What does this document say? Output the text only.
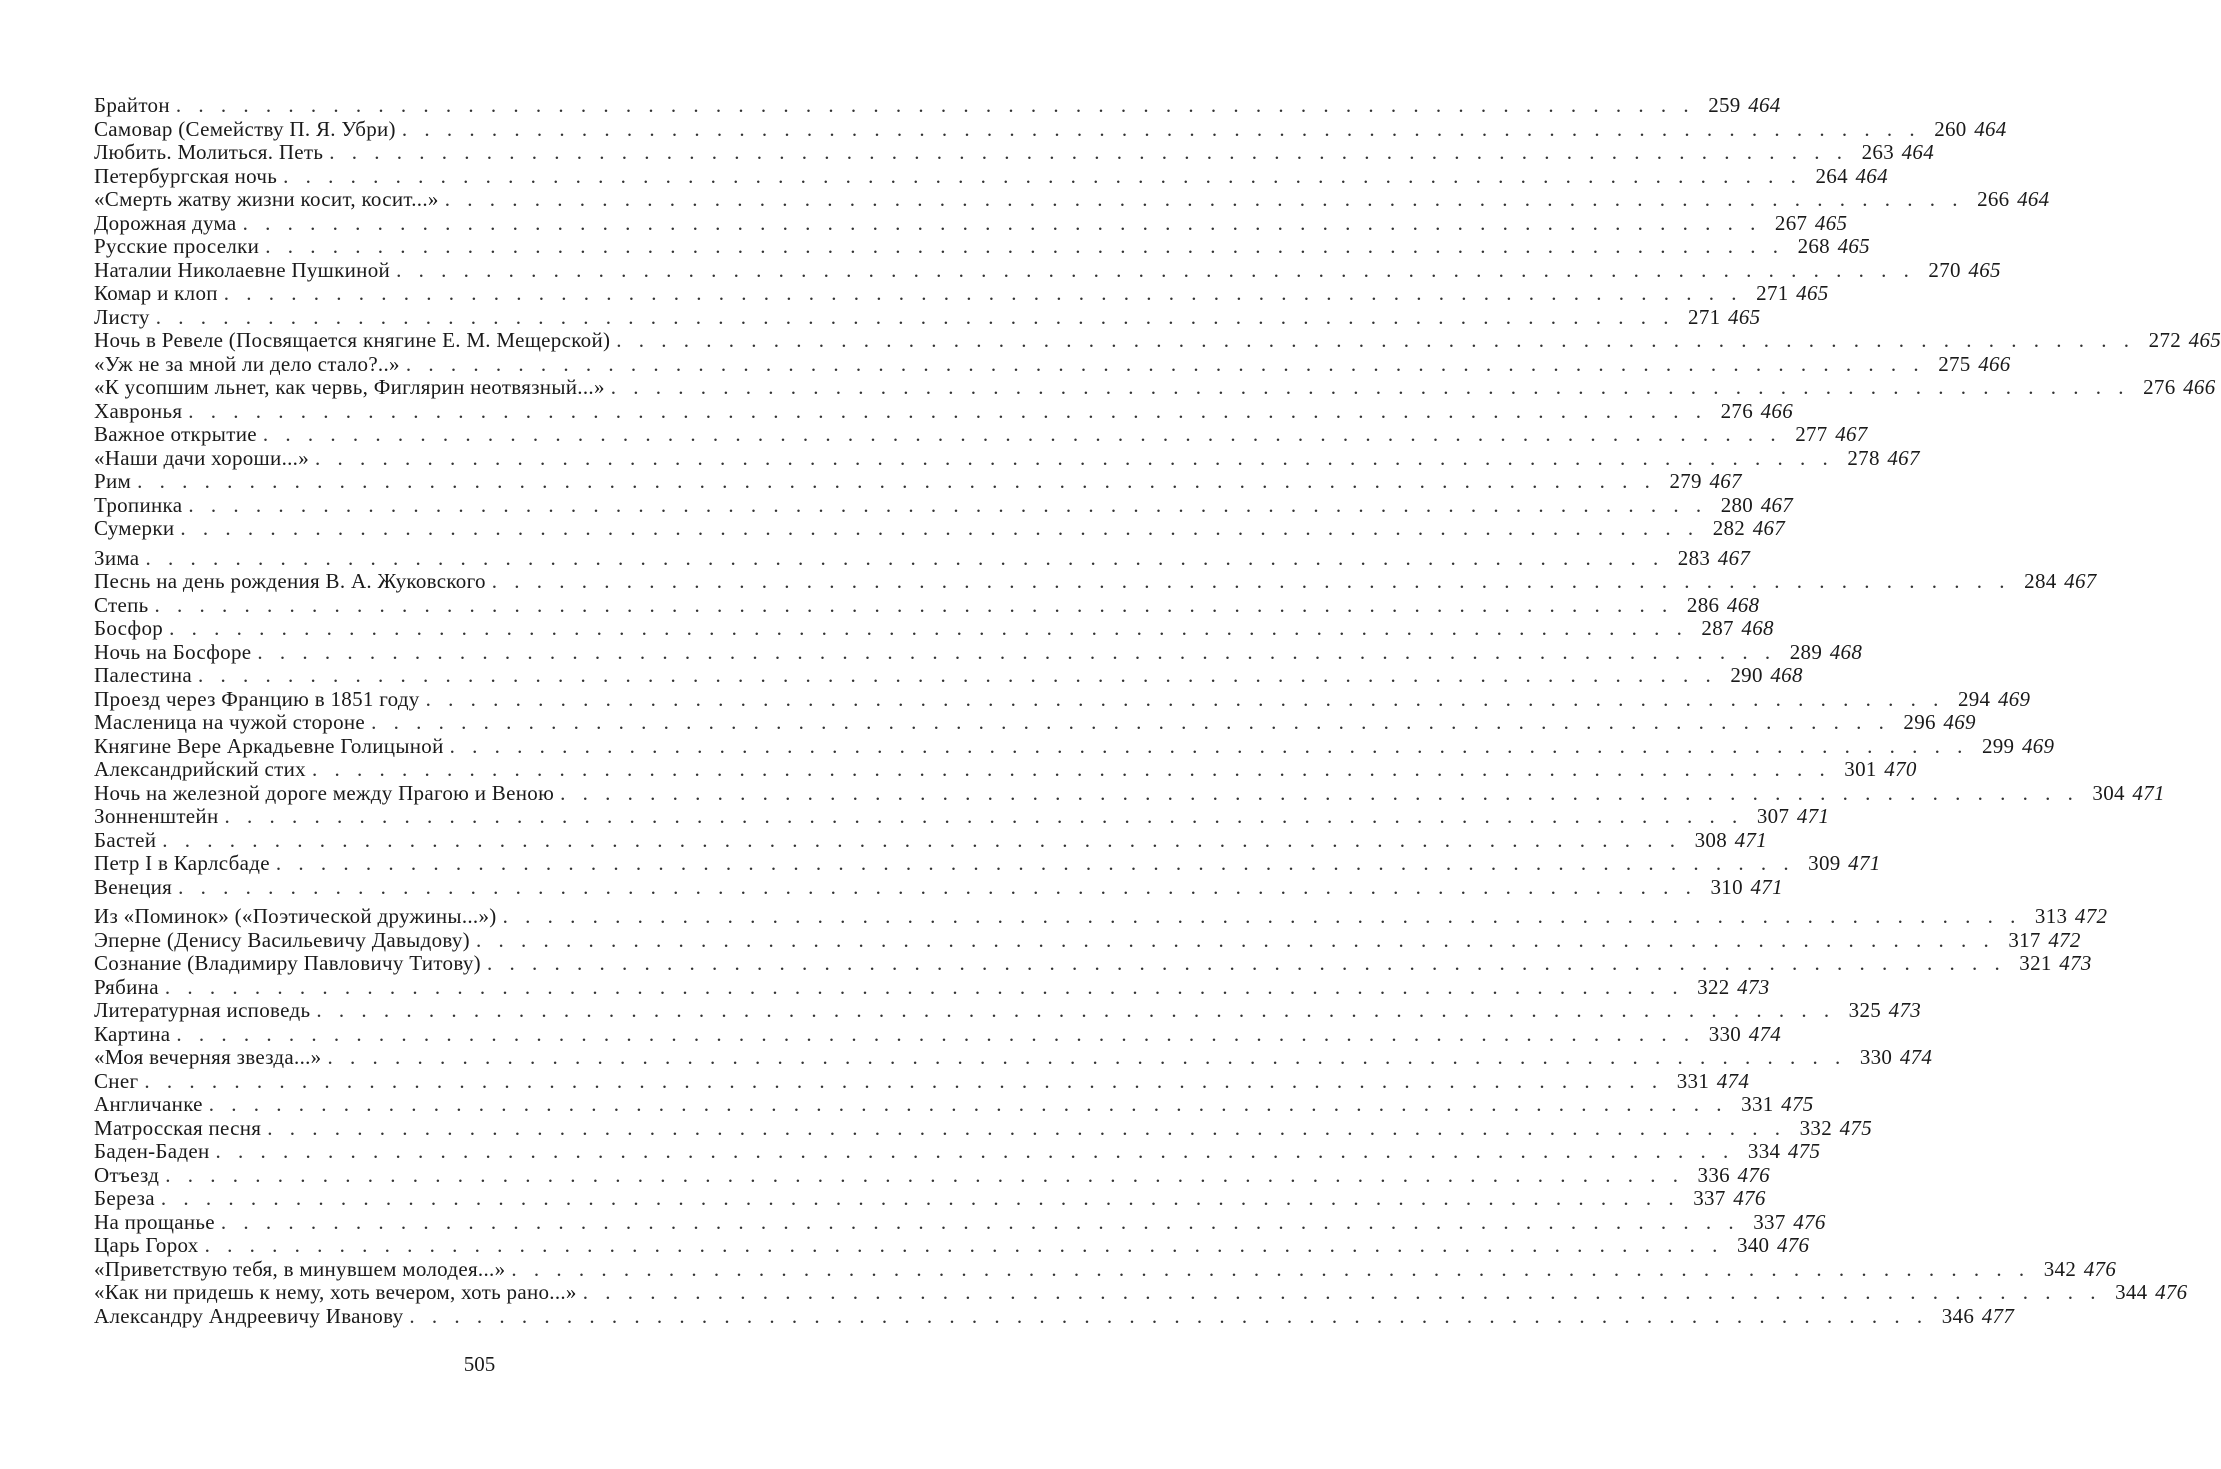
Брайтон . . .	259 464
Самовар (Семейству П. Я. Убри) . . .	260 464
Любить. Молиться. Петь . . .	263 464
Петербургская ночь . . .	264 464
«Смерть жатву жизни косит, косит...» . . .	266 464
Дорожная дума . . .	267 465
Русские проселки . . .	268 465
Наталии Николаевне Пушкиной . . .	270 465
Комар и клоп . . .	271 465
Листу . . .	271 465
Ночь в Ревеле (Посвящается княгине Е. М. Мещерской) . . .	272 465
«Уж не за мной ли дело стало?..» . . .	275 466
«К усопшим льнет, как червь, Фиглярин неотвязный...» . . .	276 466
Хавронья . . .	276 466
Важное открытие . . .	277 467
«Наши дачи хороши...» . . .	278 467
Рим . . .	279 467
Тропинка . . .	280 467
Сумерки . . .	282 467
Зима . . .	283 467
Песнь на день рождения В. А. Жуковского . . .	284 467
Степь . . .	286 468
Босфор . . .	287 468
Ночь на Босфоре . . .	289 468
Палестина . . .	290 468
Проезд через Францию в 1851 году . . .	294 469
Масленица на чужой стороне . . .	296 469
Княгине Вере Аркадьевне Голицыной . . .	299 469
Александрийский стих . . .	301 470
Ночь на железной дороге между Прагою и Веною . . .	304 471
Зонненштейн . . .	307 471
Бастей . . .	308 471
Петр I в Карлсбаде . . .	309 471
Венеция . . .	310 471
Из «Поминок» («Поэтической дружины...») . . .	313 472
Эперне (Денису Васильевичу Давыдову) . . .	317 472
Сознание (Владимиру Павловичу Титову) . . .	321 473
Рябина . . .	322 473
Литературная исповедь . . .	325 473
Картина . . .	330 474
«Моя вечерняя звезда...» . . .	330 474
Снег . . .	331 474
Англичанке . . .	331 475
Матросская песня . . .	332 475
Баден-Баден . . .	334 475
Отъезд . . .	336 476
Береза . . .	337 476
На прощанье . . .	337 476
Царь Горох . . .	340 476
«Приветствую тебя, в минувшем молодея...» . . .	342 476
«Как ни придешь к нему, хоть вечером, хоть рано...» . . .	344 476
Александру Андреевичу Иванову . . .	346 477
505
